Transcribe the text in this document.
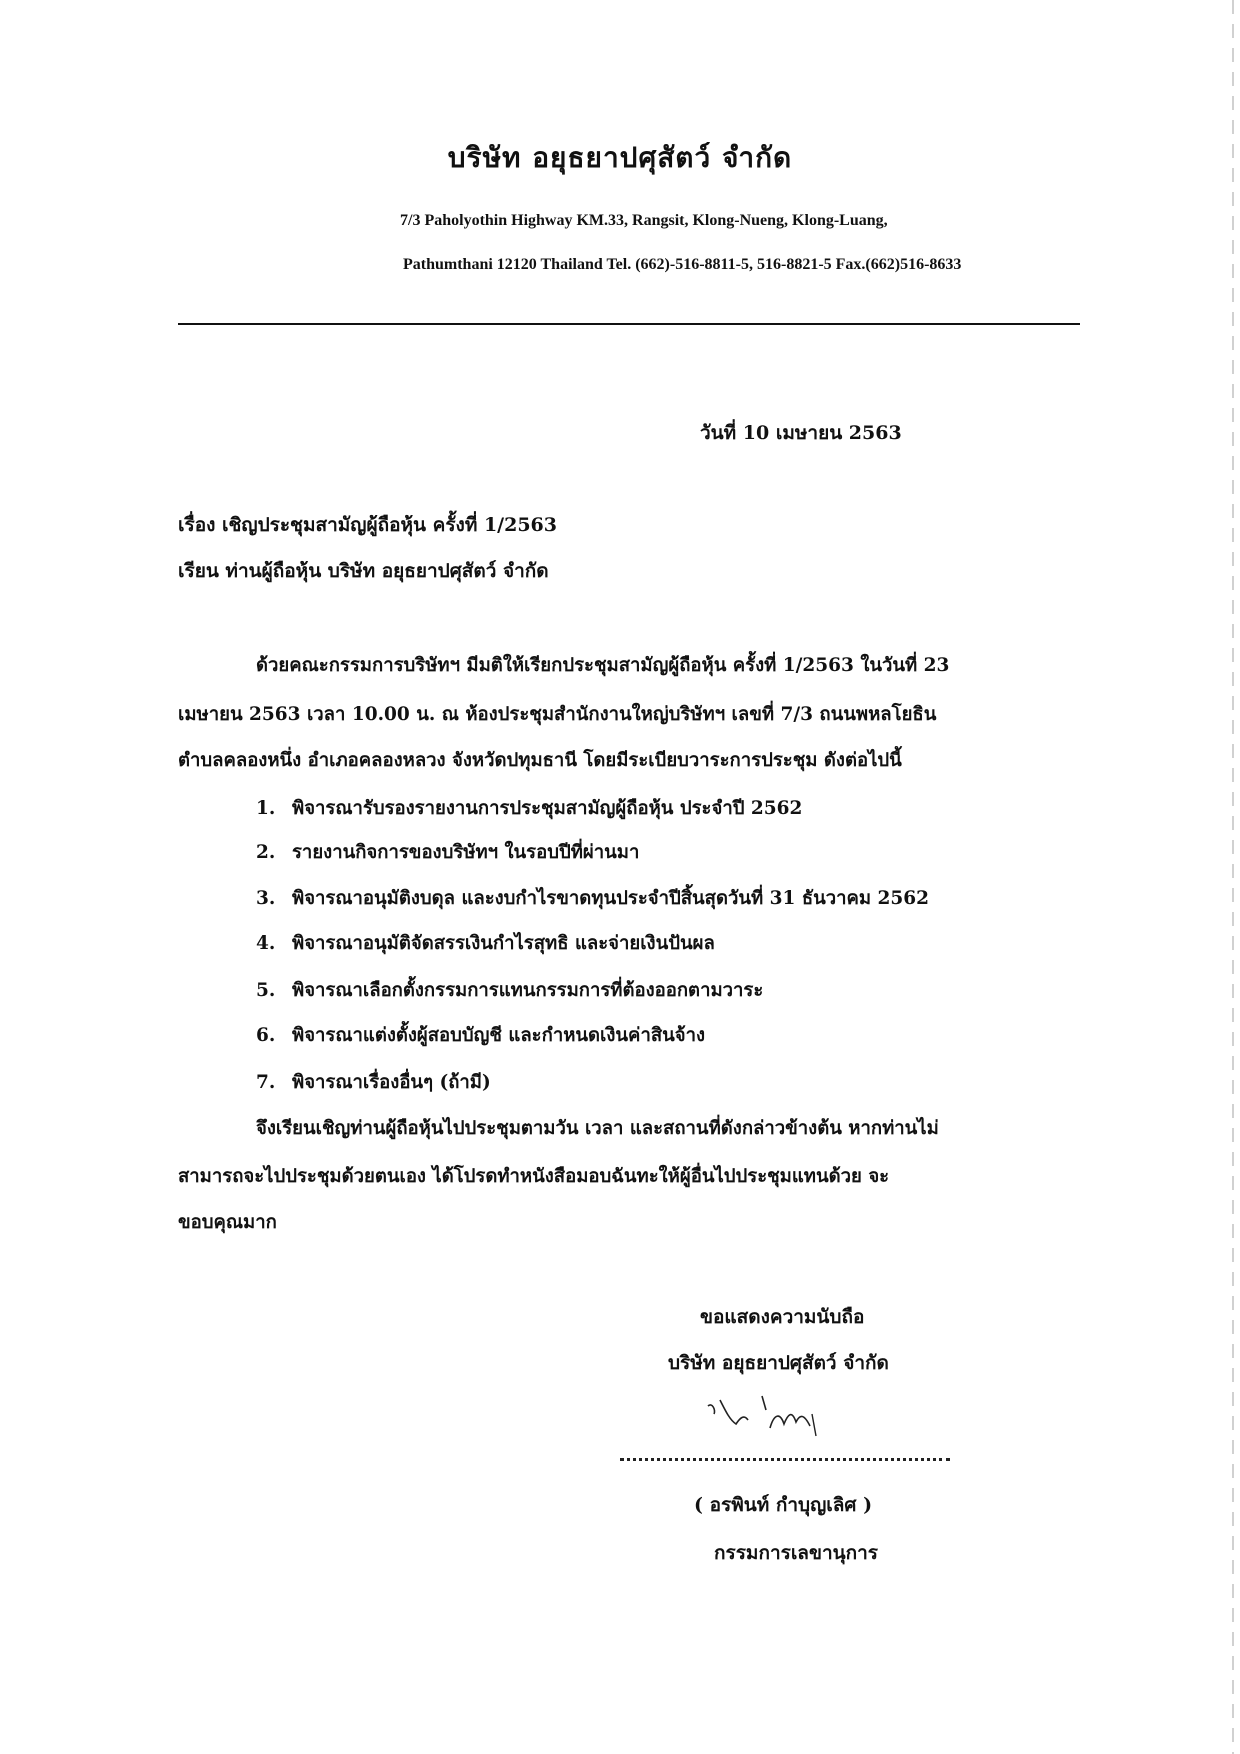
บริษัท อยุธยาปศุสัตว์ จำกัด
7/3 Paholyothin Highway KM.33, Rangsit, Klong-Nueng, Klong-Luang,
Pathumthani 12120 Thailand Tel. (662)-516-8811-5, 516-8821-5 Fax.(662)516-8633
วันที่ 10 เมษายน 2563
เรื่อง เชิญประชุมสามัญผู้ถือหุ้น ครั้งที่ 1/2563
เรียน ท่านผู้ถือหุ้น บริษัท อยุธยาปศุสัตว์ จำกัด
ด้วยคณะกรรมการบริษัทฯ มีมติให้เรียกประชุมสามัญผู้ถือหุ้น ครั้งที่ 1/2563 ในวันที่ 23
เมษายน 2563 เวลา 10.00 น. ณ ห้องประชุมสำนักงานใหญ่บริษัทฯ เลขที่ 7/3 ถนนพหลโยธิน
ตำบลคลองหนึ่ง อำเภอคลองหลวง จังหวัดปทุมธานี โดยมีระเบียบวาระการประชุม ดังต่อไปนี้
1. พิจารณารับรองรายงานการประชุมสามัญผู้ถือหุ้น ประจำปี 2562
2. รายงานกิจการของบริษัทฯ ในรอบปีที่ผ่านมา
3. พิจารณาอนุมัติงบดุล และงบกำไรขาดทุนประจำปีสิ้นสุดวันที่ 31 ธันวาคม 2562
4. พิจารณาอนุมัติจัดสรรเงินกำไรสุทธิ และจ่ายเงินปันผล
5. พิจารณาเลือกตั้งกรรมการแทนกรรมการที่ต้องออกตามวาระ
6. พิจารณาแต่งตั้งผู้สอบบัญชี และกำหนดเงินค่าสินจ้าง
7. พิจารณาเรื่องอื่นๆ (ถ้ามี)
จึงเรียนเชิญท่านผู้ถือหุ้นไปประชุมตามวัน เวลา และสถานที่ดังกล่าวข้างต้น หากท่านไม่
สามารถจะไปประชุมด้วยตนเอง ได้โปรดทำหนังสือมอบฉันทะให้ผู้อื่นไปประชุมแทนด้วย จะ
ขอบคุณมาก
ขอแสดงความนับถือ
บริษัท อยุธยาปศุสัตว์ จำกัด
( อรพินท์ กำบุญเลิศ )
กรรมการเลขานุการ
